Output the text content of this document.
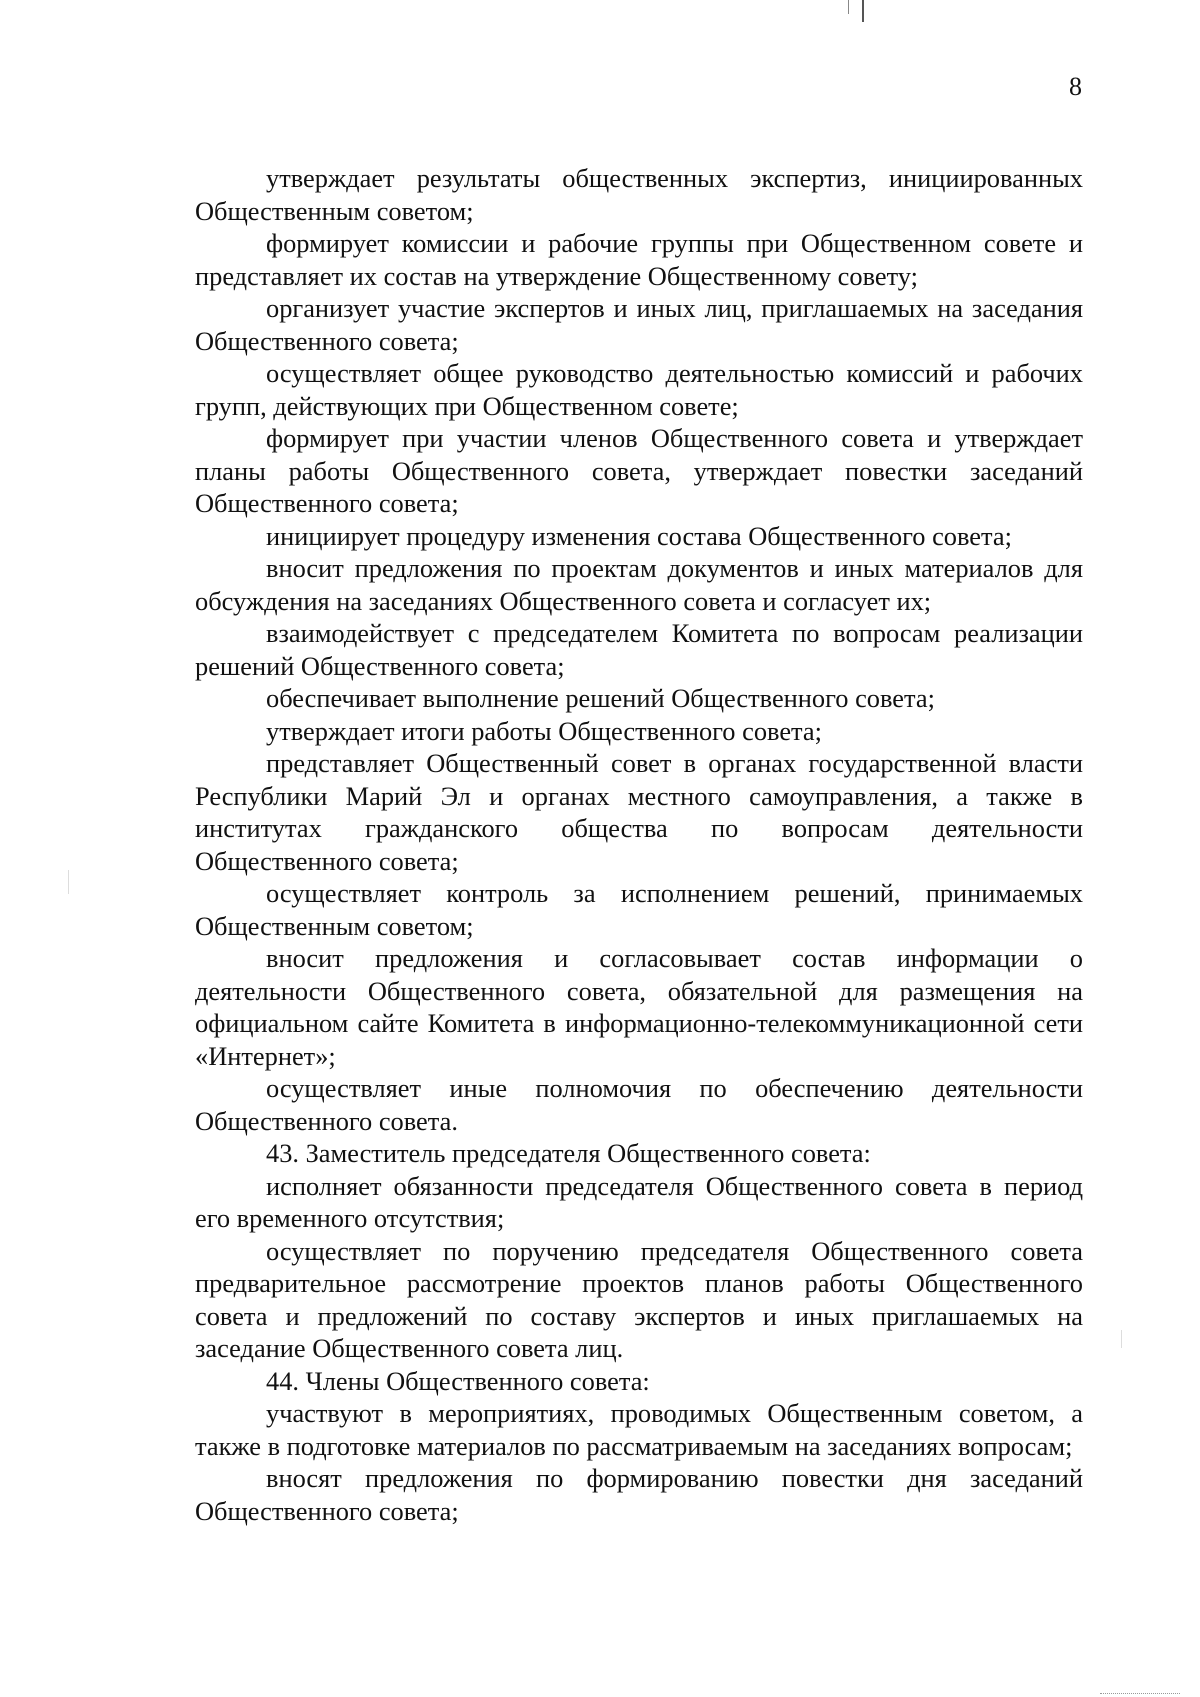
8

утверждает результаты общественных экспертиз, инициированных Общественным советом;

формирует комиссии и рабочие группы при Общественном совете и представляет их состав на утверждение Общественному совету;

организует участие экспертов и иных лиц, приглашаемых на заседания Общественного совета;

осуществляет общее руководство деятельностью комиссий и рабочих групп, действующих при Общественном совете;

формирует при участии членов Общественного совета и утверждает планы работы Общественного совета, утверждает повестки заседаний Общественного совета;

инициирует процедуру изменения состава Общественного совета;

вносит предложения по проектам документов и иных материалов для обсуждения на заседаниях Общественного совета и согласует их;

взаимодействует с председателем Комитета по вопросам реализации решений Общественного совета;

обеспечивает выполнение решений Общественного совета;

утверждает итоги работы Общественного совета;

представляет Общественный совет в органах государственной власти Республики Марий Эл и органах местного самоуправления, а также в институтах гражданского общества по вопросам деятельности Общественного совета;

осуществляет контроль за исполнением решений, принимаемых Общественным советом;

вносит предложения и согласовывает состав информации о деятельности Общественного совета, обязательной для размещения на официальном сайте Комитета в информационно-телекоммуникационной сети «Интернет»;

осуществляет иные полномочия по обеспечению деятельности Общественного совета.

43. Заместитель председателя Общественного совета:

исполняет обязанности председателя Общественного совета в период его временного отсутствия;

осуществляет по поручению председателя Общественного совета предварительное рассмотрение проектов планов работы Общественного совета и предложений по составу экспертов и иных приглашаемых на заседание Общественного совета лиц.

44. Члены Общественного совета:

участвуют в мероприятиях, проводимых Общественным советом, а также в подготовке материалов по рассматриваемым на заседаниях вопросам;

вносят предложения по формированию повестки дня заседаний Общественного совета;
